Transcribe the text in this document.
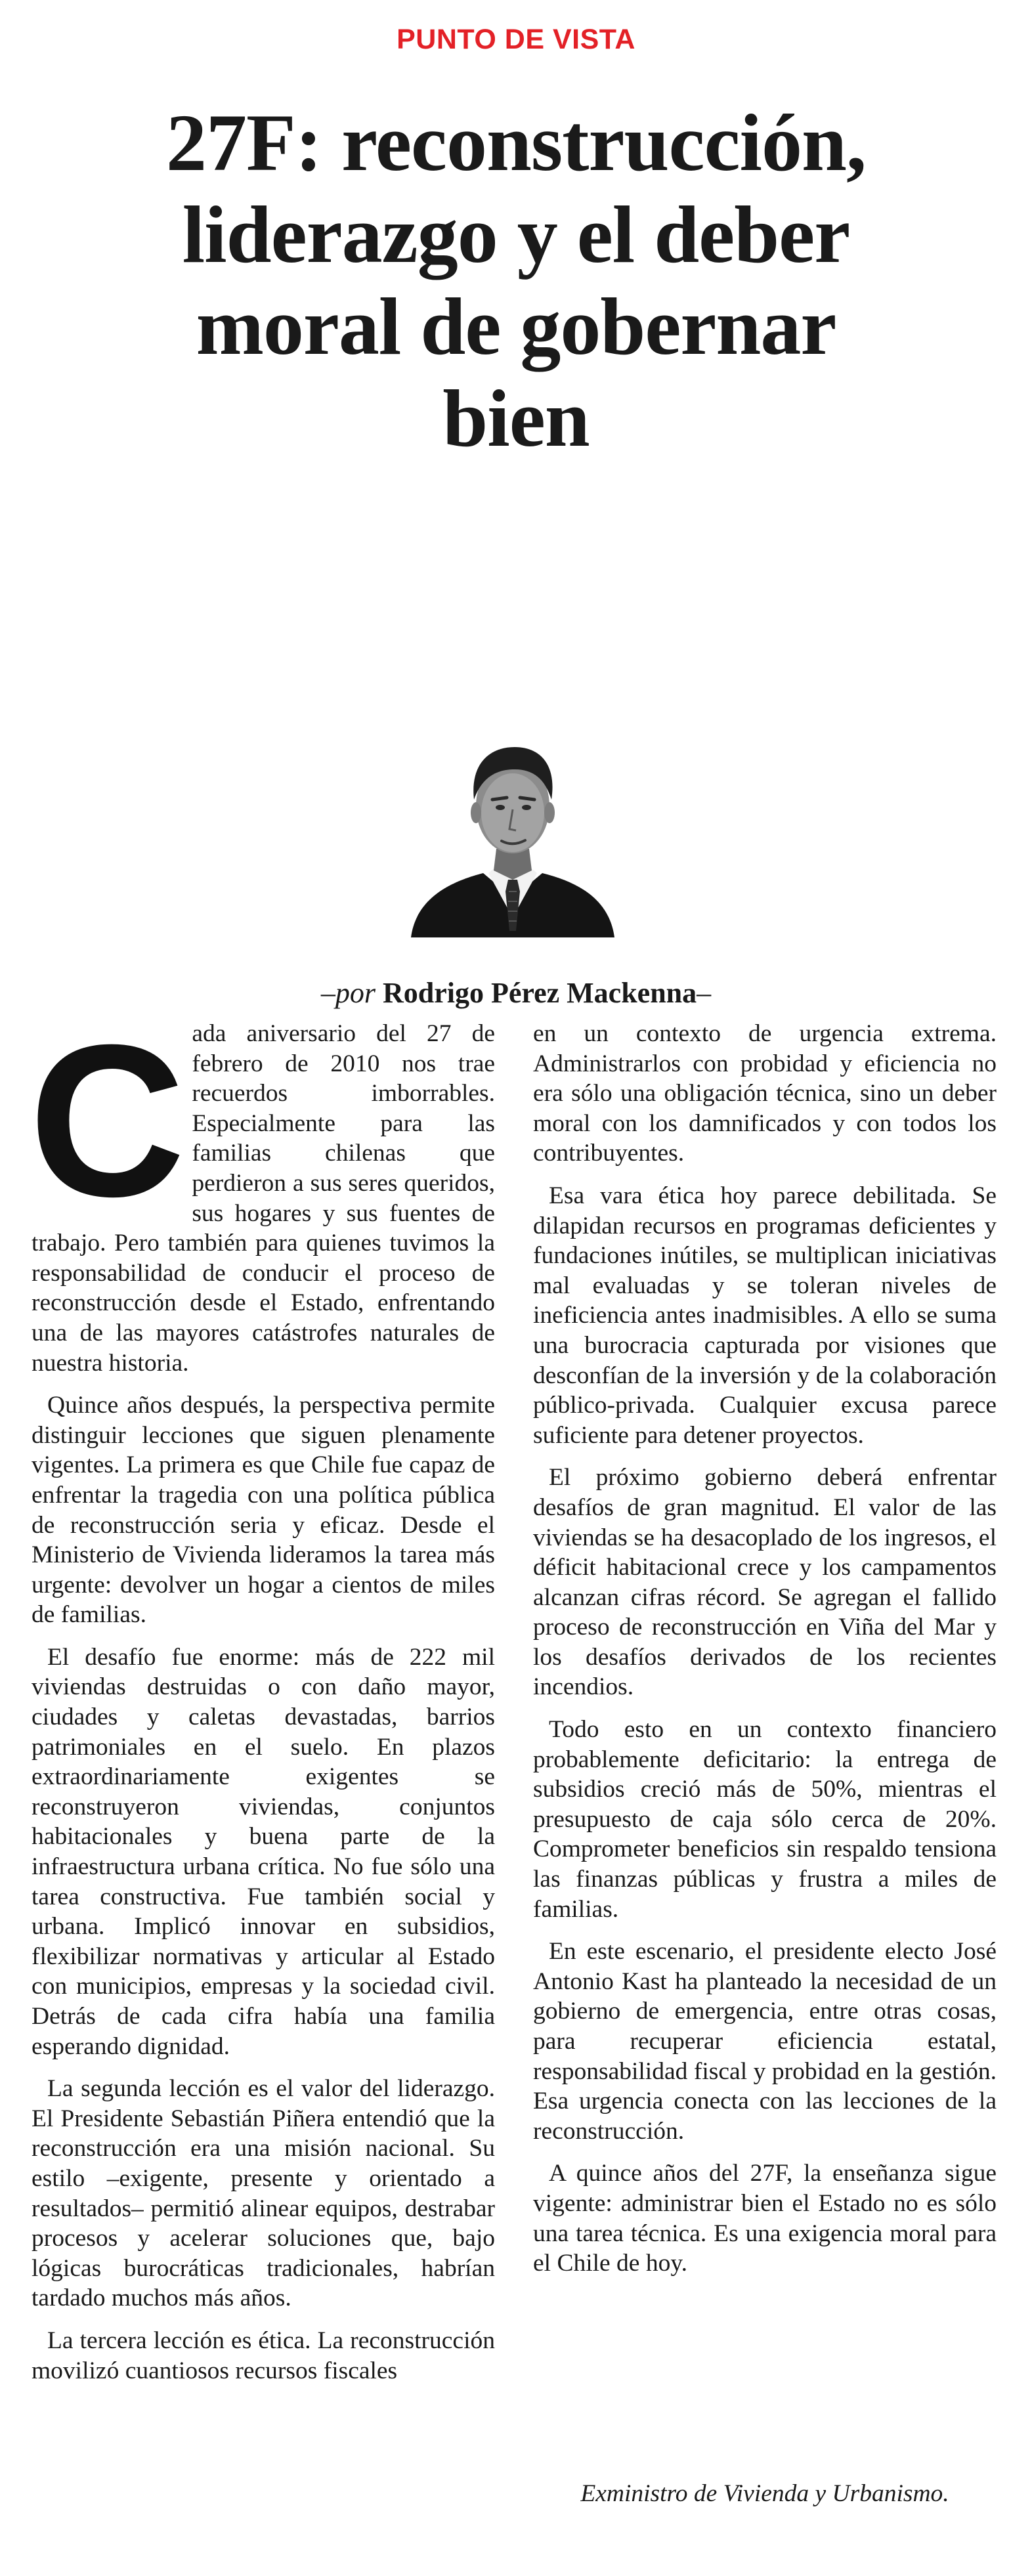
PUNTO DE VISTA
27F: reconstrucción,
liderazgo y el deber
moral de gobernar
bien
–por Rodrigo Pérez Mackenna–

Cada aniversario del 27 de febrero de 2010 nos trae recuerdos imborrables. Especialmente para las familias chilenas que perdieron a sus seres queridos, sus hogares y sus fuentes de trabajo. Pero también para quienes tuvimos la responsabilidad de conducir el proceso de reconstrucción desde el Estado, enfrentando una de las mayores catástrofes naturales de nuestra historia.

Quince años después, la perspectiva permite distinguir lecciones que siguen plenamente vigentes. La primera es que Chile fue capaz de enfrentar la tragedia con una política pública de reconstrucción seria y eficaz. Desde el Ministerio de Vivienda lideramos la tarea más urgente: devolver un hogar a cientos de miles de familias.

El desafío fue enorme: más de 222 mil viviendas destruidas o con daño mayor, ciudades y caletas devastadas, barrios patrimoniales en el suelo. En plazos extraordinariamente exigentes se reconstruyeron viviendas, conjuntos habitacionales y buena parte de la infraestructura urbana crítica. No fue sólo una tarea constructiva. Fue también social y urbana. Implicó innovar en subsidios, flexibilizar normativas y articular al Estado con municipios, empresas y la sociedad civil. Detrás de cada cifra había una familia esperando dignidad.

La segunda lección es el valor del liderazgo. El Presidente Sebastián Piñera entendió que la reconstrucción era una misión nacional. Su estilo –exigente, presente y orientado a resultados– permitió alinear equipos, destrabar procesos y acelerar soluciones que, bajo lógicas burocráticas tradicionales, habrían tardado muchos más años.

La tercera lección es ética. La reconstrucción movilizó cuantiosos recursos fiscales

en un contexto de urgencia extrema. Administrarlos con probidad y eficiencia no era sólo una obligación técnica, sino un deber moral con los damnificados y con todos los contribuyentes.

Esa vara ética hoy parece debilitada. Se dilapidan recursos en programas deficientes y fundaciones inútiles, se multiplican iniciativas mal evaluadas y se toleran niveles de ineficiencia antes inadmisibles. A ello se suma una burocracia capturada por visiones que desconfían de la inversión y de la colaboración público-privada. Cualquier excusa parece suficiente para detener proyectos.

El próximo gobierno deberá enfrentar desafíos de gran magnitud. El valor de las viviendas se ha desacoplado de los ingresos, el déficit habitacional crece y los campamentos alcanzan cifras récord. Se agregan el fallido proceso de reconstrucción en Viña del Mar y los desafíos derivados de los recientes incendios.

Todo esto en un contexto financiero probablemente deficitario: la entrega de subsidios creció más de 50%, mientras el presupuesto de caja sólo cerca de 20%. Comprometer beneficios sin respaldo tensiona las finanzas públicas y frustra a miles de familias.

En este escenario, el presidente electo José Antonio Kast ha planteado la necesidad de un gobierno de emergencia, entre otras cosas, para recuperar eficiencia estatal, responsabilidad fiscal y probidad en la gestión. Esa urgencia conecta con las lecciones de la reconstrucción.

A quince años del 27F, la enseñanza sigue vigente: administrar bien el Estado no es sólo una tarea técnica. Es una exigencia moral para el Chile de hoy.

Exministro de Vivienda y Urbanismo.
